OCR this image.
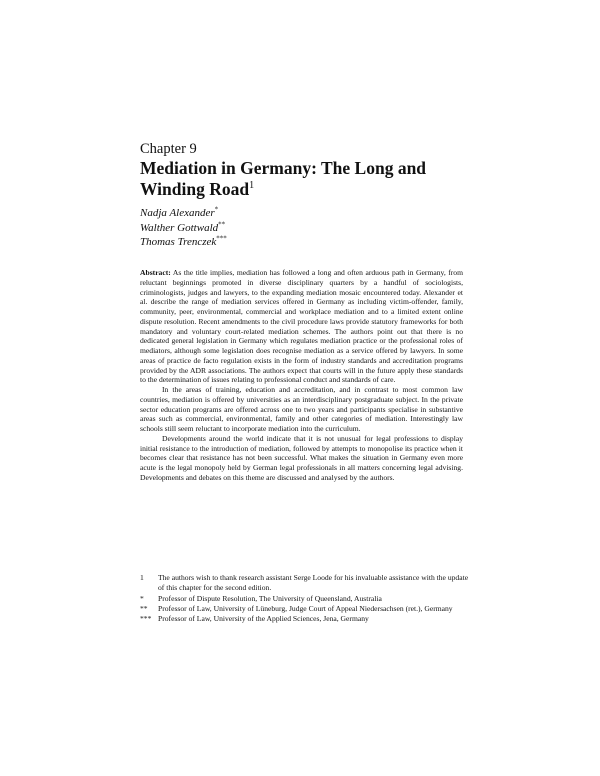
Chapter 9
Mediation in Germany: The Long and Winding Road$^1$
Nadja Alexander*
Walther Gottwald**
Thomas Trenczek***

Abstract: As the title implies, mediation has followed a long and often arduous path in Germany, from reluctant beginnings promoted in diverse disciplinary quarters by a handful of sociologists, criminologists, judges and lawyers, to the expanding mediation mosaic encountered today. Alexander et al. describe the range of mediation services offered in Germany as including victim-offender, family, community, peer, environmental, commercial and workplace mediation and to a limited extent online dispute resolution. Recent amendments to the civil procedure laws provide statutory frameworks for both mandatory and voluntary court-related mediation schemes. The authors point out that there is no dedicated general legislation in Germany which regulates mediation practice or the professional roles of mediators, although some legislation does recognise mediation as a service offered by lawyers. In some areas of practice de facto regulation exists in the form of industry standards and accreditation programs provided by the ADR associations. The authors expect that courts will in the future apply these standards to the determination of issues relating to professional conduct and standards of care.

In the areas of training, education and accreditation, and in contrast to most common law countries, mediation is offered by universities as an interdisciplinary postgraduate subject. In the private sector education programs are offered across one to two years and participants specialise in substantive areas such as commercial, environmental, family and other categories of mediation. Interestingly law schools still seem reluctant to incorporate mediation into the curriculum.

Developments around the world indicate that it is not unusual for legal professions to display initial resistance to the introduction of mediation, followed by attempts to monopolise its practice when it becomes clear that resistance has not been successful. What makes the situation in Germany even more acute is the legal monopoly held by German legal professionals in all matters concerning legal advising. Developments and debates on this theme are discussed and analysed by the authors.

1	The authors wish to thank research assistant Serge Loode for his invaluable assistance with the update of this chapter for the second edition.
*	Professor of Dispute Resolution, The University of Queensland, Australia
**	Professor of Law, University of Lüneburg, Judge Court of Appeal Niedersachsen (ret.), Germany
*** Professor of Law, University of the Applied Sciences, Jena, Germany
